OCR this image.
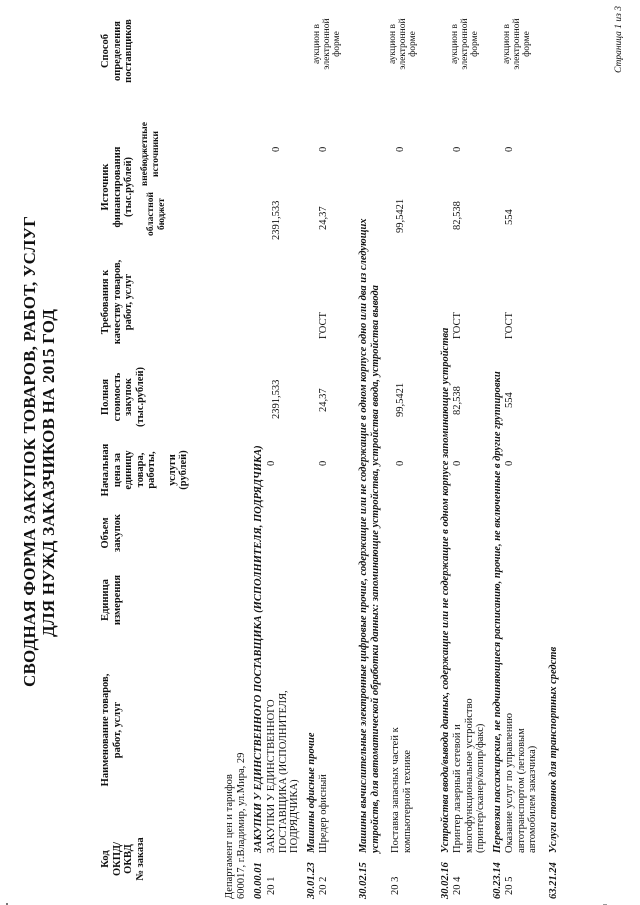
СВОДНАЯ ФОРМА ЗАКУПОК ТОВАРОВ, РАБОТ, УСЛУГ ДЛЯ НУЖД ЗАКАЗЧИКОВ НА 2015 ГОД
Код ОКПД/ ОКВД № заказа
Наименование товаров, работ, услуг
Единица измерения
Объем закупок
Начальная цена за единицу товара, работы, услуги (рублей)
Полная стоимость закупок (тыс.рублей)
Требования к качеству товаров, работ, услуг
Источник финансирования (тыс.рублей) областной бюджет
внебюджетные источники
Способ определения поставщиков
Департамент цен и тарифов 600017, г.Владимир, ул.Мира, 29 00.00.01
ЗАКУПКИ У ЕДИНСТВЕННОГО ПОСТАВЩИКА (ИСПОЛНИТЕЛЯ, ПОДРЯДЧИКА)
20 1
ЗАКУПКИ У ЕДИНСТВЕННОГО ПОСТАВЩИКА (ИСПОЛНИТЕЛЯ, ПОДРЯДЧИКА)
0
2391,533
2391,533
0
30.01.23
Машины офисные прочие
20 2
Шредер офисный
0
24,37
ГОСТ
24,37
0
аукцион в электронной форме
30.02.15
Машины вычислительные электронные цифровые прочие, содержащие или не содержащие в одном корпусе одно или два из следующих устройств, для автоматической обработки данных: запоминающие устройства, устройства ввода, устройства вывода
20 3
Поставка запасных частей к компьютерной технике
0
99,5421
99,5421
0
аукцион в электронной форме
30.02.16
Устройства ввода/вывода данных, содержащие или не содержащие в одном корпусе запоминающие устройства
20 4
Принтер лазерный сетевой и многофункциональное устройство (принтер/сканер/копир/факс)
0
82,538
ГОСТ
82,538
0
аукцион в электронной форме
60.23.14
Перевозки пассажирские, не подчиняющиеся расписанию, прочие, не включенные в другие группировки
20 5
Оказание услуг по управлению автотранспортом (легковым автомобилем заказчика)
0
554
ГОСТ
554
0
аукцион в электронной форме
63.21.24
Услуги стоянок для транспортных средств
Страница 1 из 3
